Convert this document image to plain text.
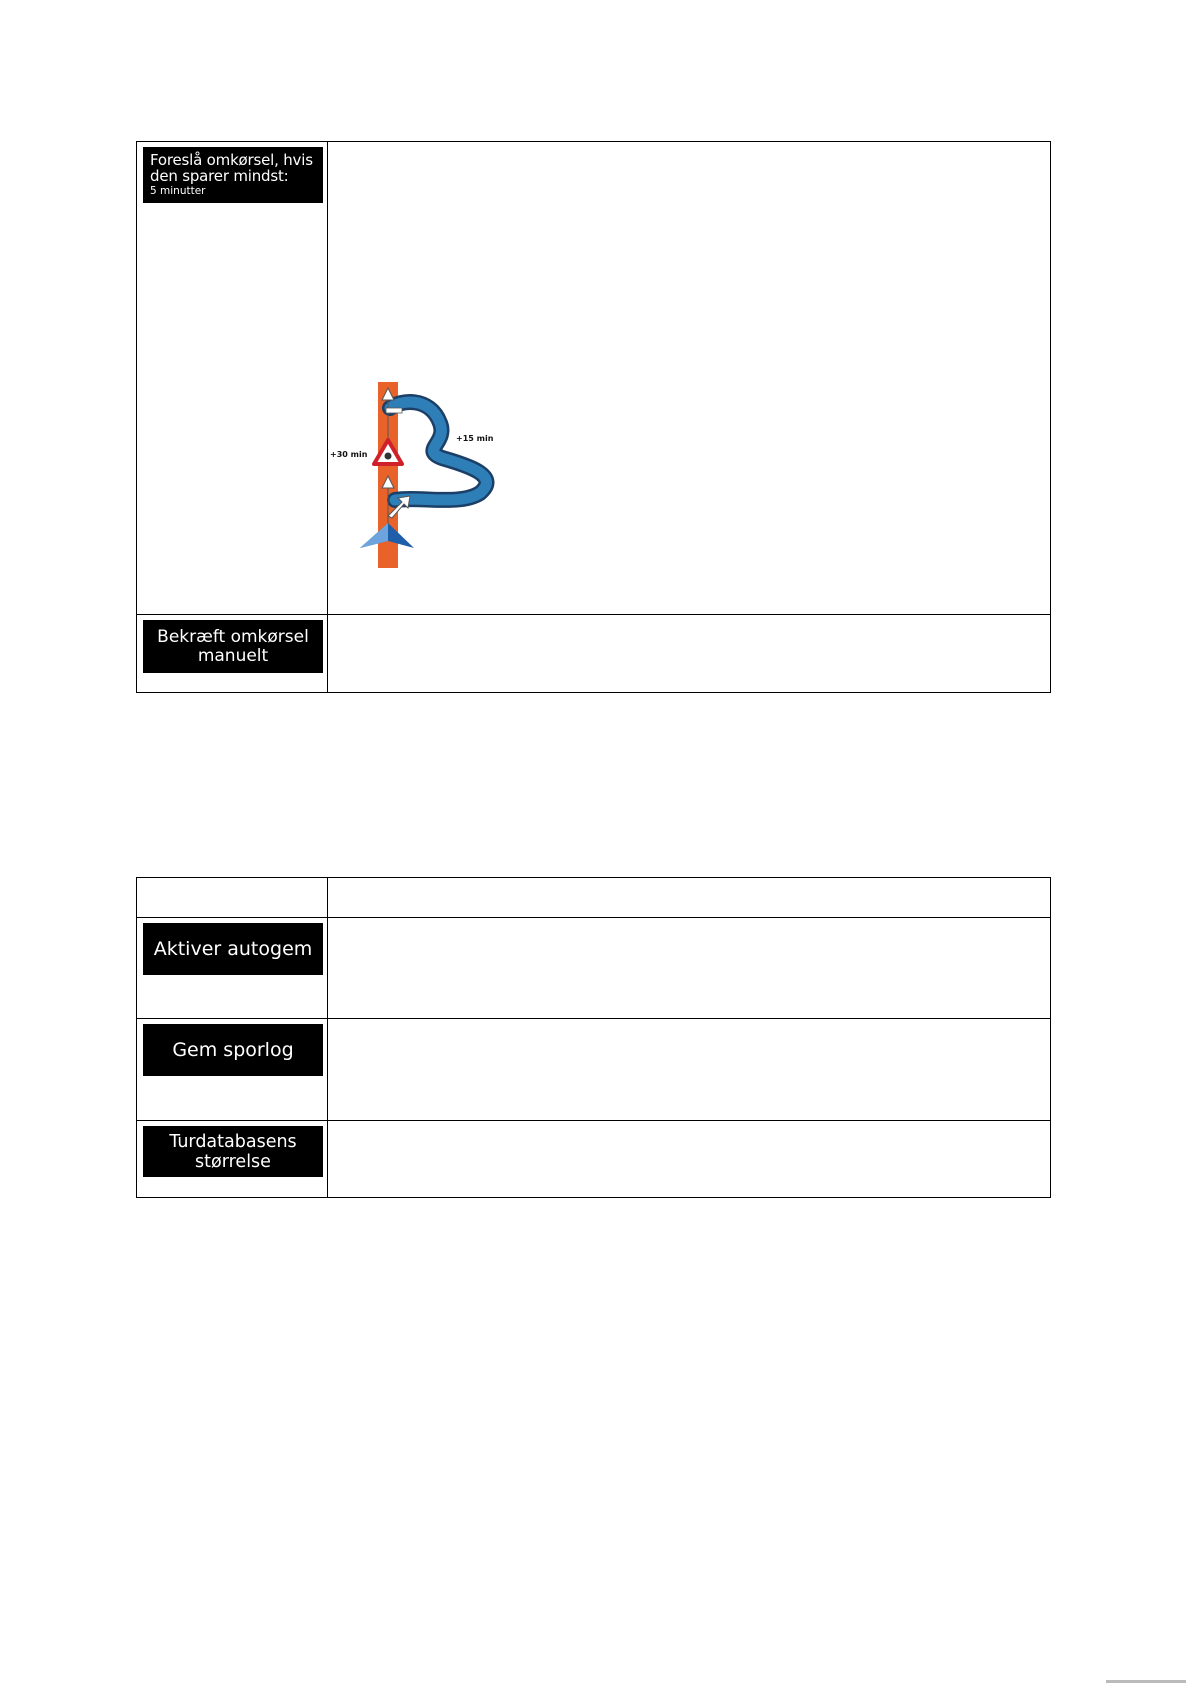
Foreslå omkørsel, hvis den sparer mindst:
5 minutter	

Bekræft omkørsel manuelt	

+30 min
+15 min

Aktiver autogem	

Gem sporlog	

Turdatabasens størrelse	
